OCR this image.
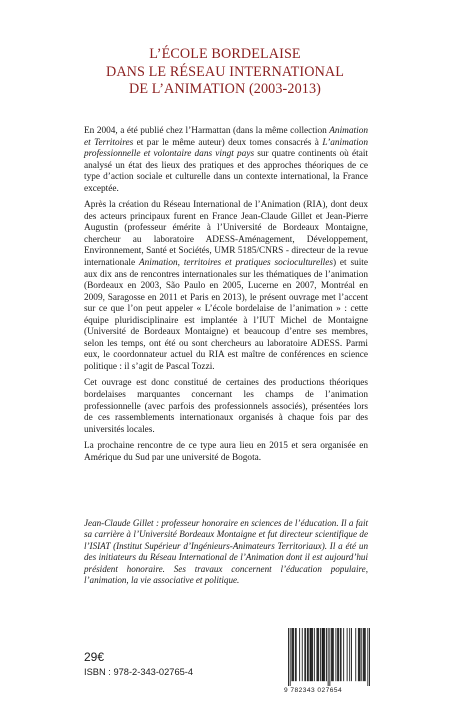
L’ÉCOLE BORDELAISE
DANS LE RÉSEAU INTERNATIONAL
DE L’ANIMATION (2003-2013)

En 2004, a été publié chez l’Harmattan (dans la même collection Animation et Territoires et par le même auteur) deux tomes consacrés à L’animation professionnelle et volontaire dans vingt pays sur quatre continents où était analysé un état des lieux des pratiques et des approches théoriques de ce type d’action sociale et culturelle dans un contexte international, la France exceptée.

Après la création du Réseau International de l’Animation (RIA), dont deux des acteurs principaux furent en France Jean-Claude Gillet et Jean-Pierre Augustin (professeur émérite à l’Université de Bordeaux Montaigne, chercheur au laboratoire ADESS-Aménagement, Développement, Environnement, Santé et Sociétés, UMR 5185/CNRS - directeur de la revue internationale Animation, territoires et pratiques socioculturelles) et suite aux dix ans de rencontres internationales sur les thématiques de l’animation (Bordeaux en 2003, São Paulo en 2005, Lucerne en 2007, Montréal en 2009, Saragosse en 2011 et Paris en 2013), le présent ouvrage met l’accent sur ce que l’on peut appeler « L’école bordelaise de l’animation » : cette équipe pluridisciplinaire est implantée à l’IUT Michel de Montaigne (Université de Bordeaux Montaigne) et beaucoup d’entre ses membres, selon les temps, ont été ou sont chercheurs au laboratoire ADESS. Parmi eux, le coordonnateur actuel du RIA est maître de conférences en science politique : il s’agit de Pascal Tozzi.

Cet ouvrage est donc constitué de certaines des productions théoriques bordelaises marquantes concernant les champs de l’animation professionnelle (avec parfois des professionnels associés), présentées lors de ces rassemblements internationaux organisés à chaque fois par des universités locales.

La prochaine rencontre de ce type aura lieu en 2015 et sera organisée en Amérique du Sud par une université de Bogota.

Jean-Claude Gillet : professeur honoraire en sciences de l’éducation. Il a fait sa carrière à l’Université Bordeaux Montaigne et fut directeur scientifique de l’ISIAT (Institut Supérieur d’Ingénieurs-Animateurs Territoriaux). Il a été un des initiateurs du Réseau International de l’Animation dont il est aujourd’hui président honoraire. Ses travaux concernent l’éducation populaire, l’animation, la vie associative et politique.

29€
ISBN : 978-2-343-02765-4
9 782343 027654
